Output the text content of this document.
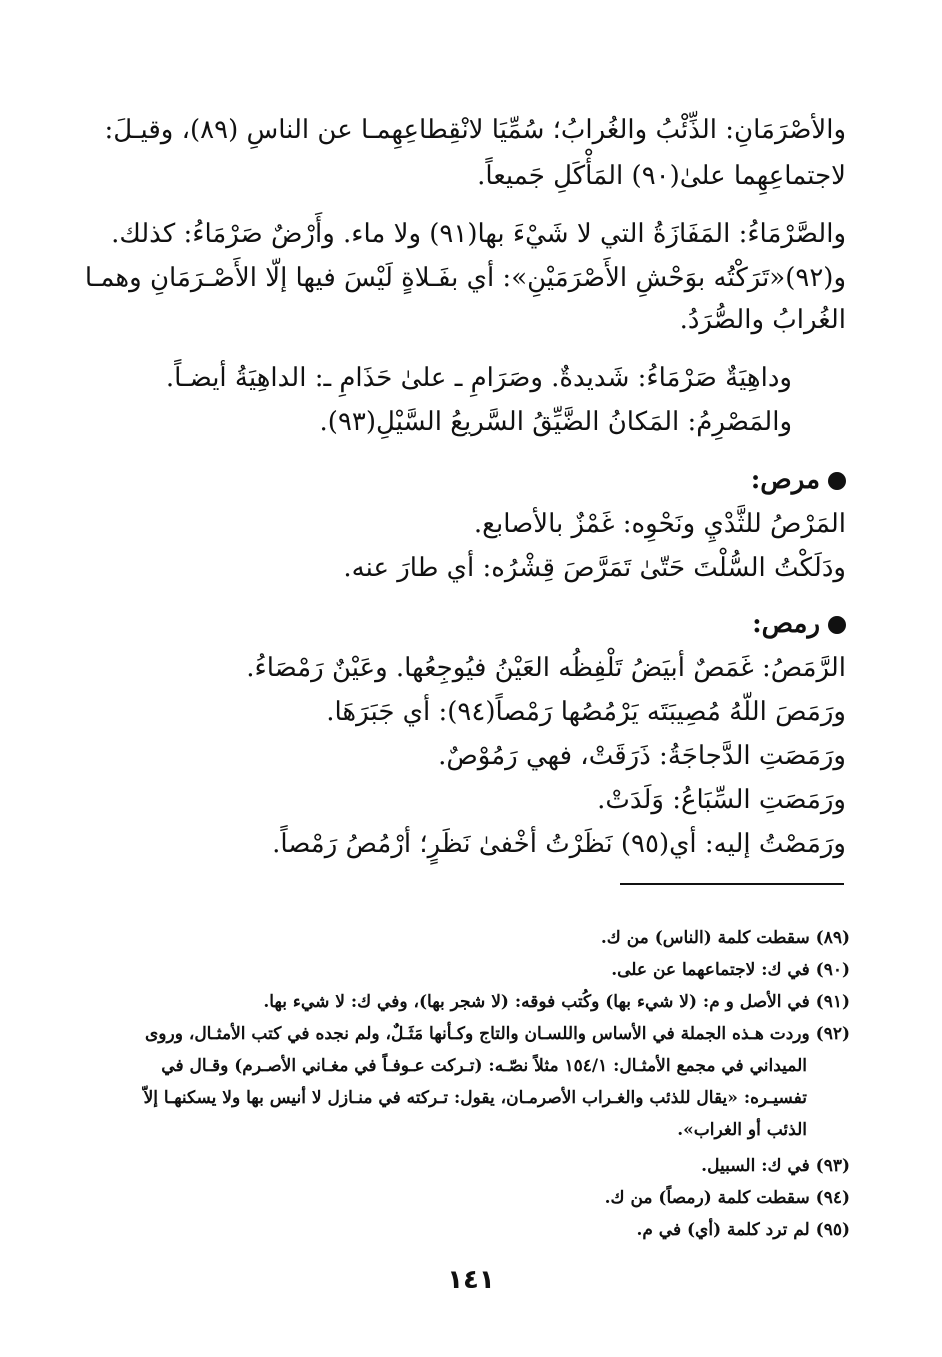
والأصْرَمَانِ: الذِّئْبُ والغُرابُ؛ سُمِّيَا لانْقِطاعِهِمـا عن الناسِ (٨٩)، وقيـلَ:
لاجتماعِهِما علىٰ(٩٠) المَأْكَلِ جَميعاً.
والصَّرْمَاءُ: المَفَازَةُ التي لا شَيْءَ بها(٩١) ولا ماء. وأَرْضٌ صَرْمَاءُ: كذلك.
و(٩٢)«تَرَكْتُه بوَحْشِ الأَصْرَمَيْنِ»: أي بفَـلاةٍ لَيْسَ فيها إلّا الأَصْـرَمَانِ وهمـا
الغُرابُ والصُّرَدُ.
وداهِيَةٌ صَرْمَاءُ: شَديدةٌ. وصَرَامِ ـ علىٰ حَذَامِ ـ: الداهِيَةُ أيضـاً.
والمَصْرِمُ: المَكانُ الضَّيِّقُ السَّريعُ السَّيْلِ(٩٣).
مرص:
المَرْصُ للثَّدْيِ ونَحْوِه: غَمْزٌ بالأصابع.
ودَلَكْتُ السُّلْتَ حَتّىٰ تَمَرَّصَ قِشْرُه: أي طارَ عنه.
رمص:
الرَّمَصُ: غَمَصٌ أبيَضُ تَلْفِظُه العَيْنُ فيُوجِعُها. وعَيْنٌ رَمْصَاءُ.
ورَمَصَ اللّهُ مُصِيبَتَه يَرْمُصُها رَمْصاً(٩٤): أي جَبَرَهَا.
ورَمَصَتِ الدَّجاجَةُ: ذَرَقَتْ، فهي رَمُوْصٌ.
ورَمَصَتِ السِّبَاعُ: وَلَدَتْ.
ورَمَصْتُ إليه: أي(٩٥) نَظَرْتُ أخْفىٰ نَظَرٍ؛ أرْمُصُ رَمْصاً.
(٨٩) سقطت كلمة (الناس) من ك.
(٩٠) في ك: لاجتماعهما عن على.
(٩١) في الأصل و م: (لا شيء بها) وكُتب فوقه: (لا شجر بها)، وفي ك: لا شيء بها.
(٩٢) وردت هـذه الجملة في الأساس واللسـان والتاج وكـأنها مَثَـلٌ، ولم نجده في كتب الأمثـال، وروى
الميداني في مجمع الأمثـال: ١٥٤/١ مثلاً نصّـه: (تـركت عـوفـاً في مغـاني الأصـرم) وقـال في
تفسيـره: «يقال للذئب والغـراب الأصرمـان، يقول: تـركته في منـازل لا أنيس بها ولا يسكنهـا إلاّ
الذئب أو الغراب».
(٩٣) في ك: السبيل.
(٩٤) سقطت كلمة (رمصاً) من ك.
(٩٥) لم ترد كلمة (أي) في م.
١٤١
